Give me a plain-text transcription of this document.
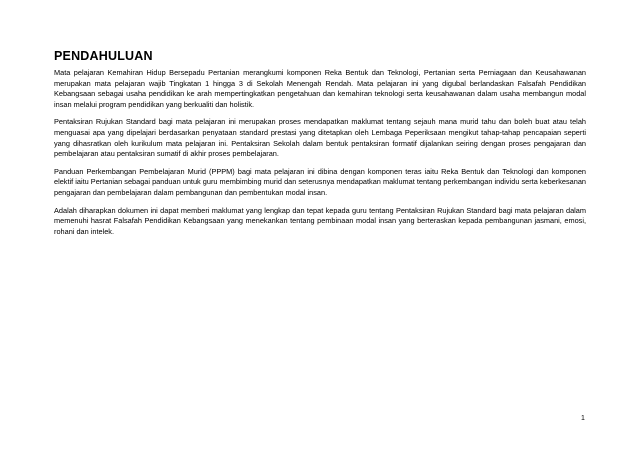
PENDAHULUAN

Mata pelajaran Kemahiran Hidup Bersepadu Pertanian merangkumi komponen Reka Bentuk dan Teknologi, Pertanian serta Perniagaan dan Keusahawanan merupakan mata pelajaran wajib Tingkatan 1 hingga 3 di Sekolah Menengah Rendah. Mata pelajaran ini yang digubal berlandaskan Falsafah Pendidikan Kebangsaan sebagai usaha pendidikan ke arah mempertingkatkan pengetahuan dan kemahiran teknologi serta keusahawanan dalam usaha membangun modal insan melalui program pendidikan yang berkualiti dan holistik.

Pentaksiran Rujukan Standard bagi mata pelajaran ini merupakan proses mendapatkan maklumat tentang sejauh mana murid tahu dan boleh buat atau telah menguasai apa yang dipelajari berdasarkan penyataan standard prestasi yang ditetapkan oleh Lembaga Peperiksaan mengikut tahap-tahap pencapaian seperti yang dihasratkan oleh kurikulum mata pelajaran ini. Pentaksiran Sekolah dalam bentuk pentaksiran formatif dijalankan seiring dengan proses pengajaran dan pembelajaran atau pentaksiran sumatif di akhir proses pembelajaran.

Panduan Perkembangan Pembelajaran Murid (PPPM) bagi mata pelajaran ini dibina dengan komponen teras iaitu Reka Bentuk dan Teknologi dan komponen elektif iaitu Pertanian sebagai panduan untuk guru membimbing murid dan seterusnya mendapatkan maklumat tentang perkembangan individu serta keberkesanan pengajaran dan pembelajaran dalam pembangunan dan pembentukan modal insan.

Adalah diharapkan dokumen ini dapat memberi maklumat yang lengkap dan tepat kepada guru tentang Pentaksiran Rujukan Standard bagi mata pelajaran dalam memenuhi hasrat Falsafah Pendidikan Kebangsaan yang menekankan tentang pembinaan modal insan yang berteraskan kepada pembangunan jasmani, emosi, rohani dan intelek.

1
